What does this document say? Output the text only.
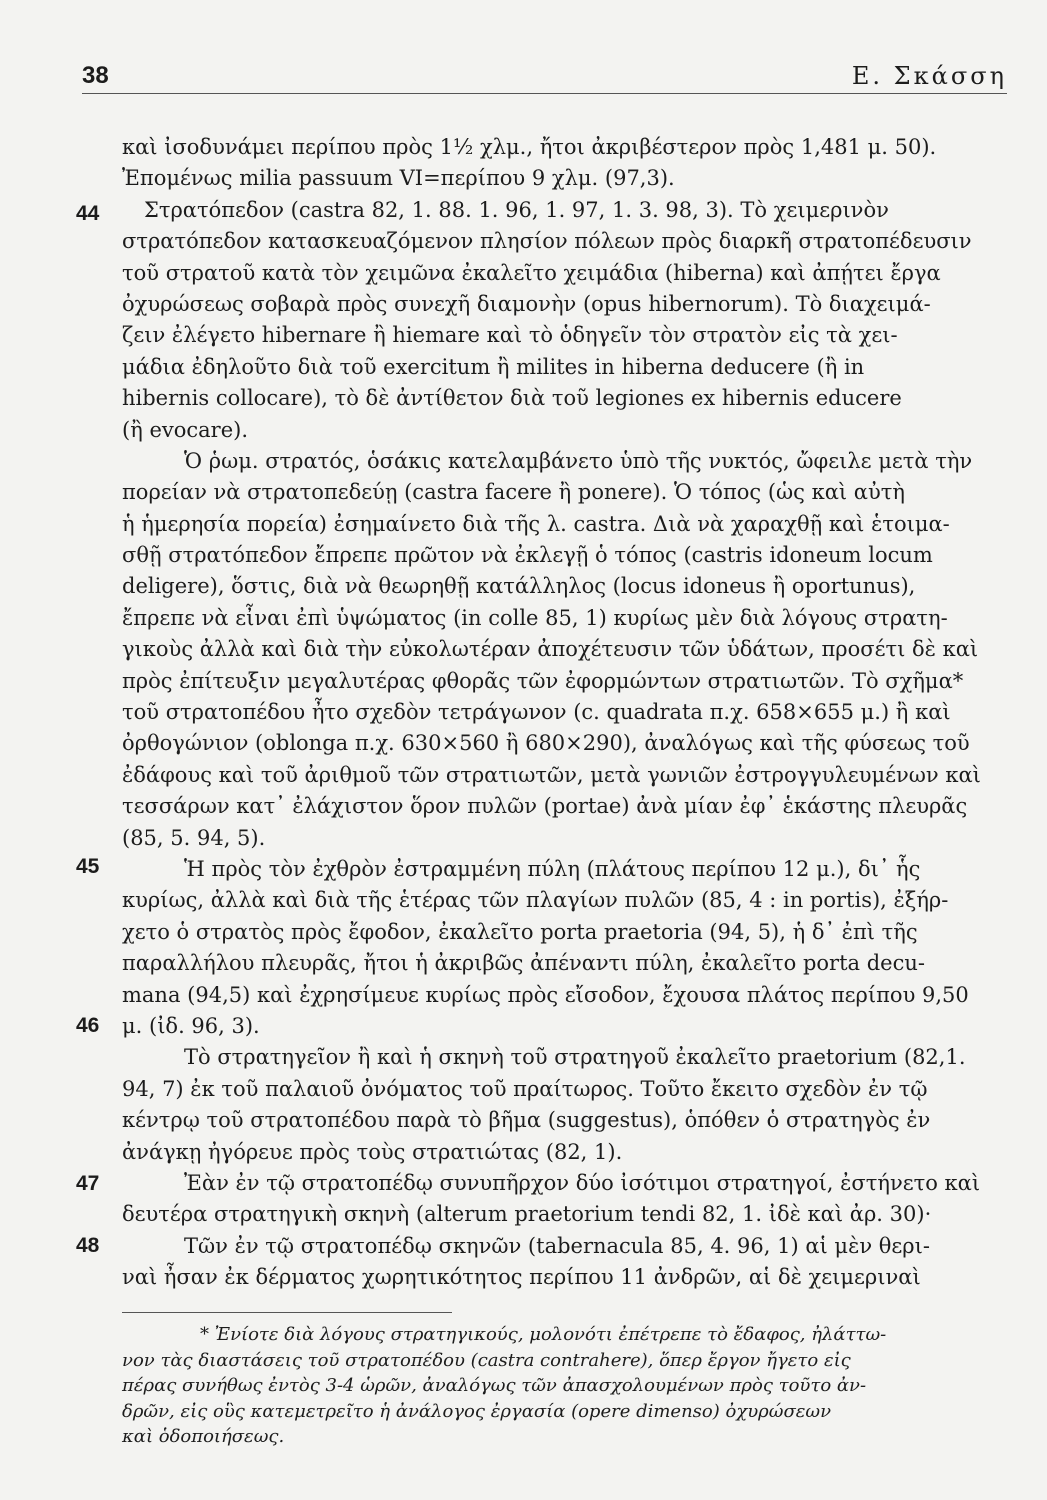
38	Ε. Σκάσση
44
45
46
47
48
καὶ ἰσοδυνάμει περίπου πρὸς 1½ χλμ., ἤτοι ἀκριβέστερον πρὸς 1,481 μ. 50).
Ἐπομένως milia passuum VI=περίπου 9 χλμ. (97,3).
Στρατόπεδον (castra 82, 1. 88. 1. 96, 1. 97, 1. 3. 98, 3). Τὸ χειμερινὸν
στρατόπεδον κατασκευαζόμενον πλησίον πόλεων πρὸς διαρκῆ στρατοπέδευσιν
τοῦ στρατοῦ κατὰ τὸν χειμῶνα ἐκαλεῖτο χειμάδια (hiberna) καὶ ἀπῄτει ἔργα
ὀχυρώσεως σοβαρὰ πρὸς συνεχῆ διαμονὴν (opus hibernorum). Τὸ διαχειμά-
ζειν ἐλέγετο hibernare ἢ hiemare καὶ τὸ ὁδηγεῖν τὸν στρατὸν εἰς τὰ χει-
μάδια ἐδηλοῦτο διὰ τοῦ exercitum ἢ milites in hiberna deducere (ἢ in
hibernis collocare), τὸ δὲ ἀντίθετον διὰ τοῦ legiones ex hibernis educere
(ἢ evocare).
Ὁ ῥωμ. στρατός, ὁσάκις κατελαμβάνετο ὑπὸ τῆς νυκτός, ὤφειλε μετὰ τὴν
πορείαν νὰ στρατοπεδεύῃ (castra facere ἢ ponere). Ὁ τόπος (ὡς καὶ αὐτὴ
ἡ ἡμερησία πορεία) ἐσημαίνετο διὰ τῆς λ. castra. Διὰ νὰ χαραχθῇ καὶ ἑτοιμα-
σθῇ στρατόπεδον ἔπρεπε πρῶτον νὰ ἐκλεγῇ ὁ τόπος (castris idoneum locum
deligere), ὅστις, διὰ νὰ θεωρηθῇ κατάλληλος (locus idoneus ἢ oportunus),
ἔπρεπε νὰ εἶναι ἐπὶ ὑψώματος (in colle 85, 1) κυρίως μὲν διὰ λόγους στρατη-
γικοὺς ἀλλὰ καὶ διὰ τὴν εὐκολωτέραν ἀποχέτευσιν τῶν ὑδάτων, προσέτι δὲ καὶ
πρὸς ἐπίτευξιν μεγαλυτέρας φθορᾶς τῶν ἐφορμώντων στρατιωτῶν. Τὸ σχῆμα*
τοῦ στρατοπέδου ἦτο σχεδὸν τετράγωνον (c. quadrata π.χ. 658×655 μ.) ἢ καὶ
ὀρθογώνιον (oblonga π.χ. 630×560 ἢ 680×290), ἀναλόγως καὶ τῆς φύσεως τοῦ
ἐδάφους καὶ τοῦ ἀριθμοῦ τῶν στρατιωτῶν, μετὰ γωνιῶν ἐστρογγυλευμένων καὶ
τεσσάρων κατ᾽ ἐλάχιστον ὅρον πυλῶν (portae) ἀνὰ μίαν ἐφ᾽ ἑκάστης πλευρᾶς
(85, 5. 94, 5).
Ἡ πρὸς τὸν ἐχθρὸν ἐστραμμένη πύλη (πλάτους περίπου 12 μ.), δι᾽ ἧς
κυρίως, ἀλλὰ καὶ διὰ τῆς ἑτέρας τῶν πλαγίων πυλῶν (85, 4 : in portis), ἐξήρ-
χετο ὁ στρατὸς πρὸς ἔφοδον, ἐκαλεῖτο porta praetoria (94, 5), ἡ δ᾽ ἐπὶ τῆς
παραλλήλου πλευρᾶς, ἤτοι ἡ ἀκριβῶς ἀπέναντι πύλη, ἐκαλεῖτο porta decu-
mana (94,5) καὶ ἐχρησίμευε κυρίως πρὸς εἴσοδον, ἔχουσα πλάτος περίπου 9,50
μ. (ἰδ. 96, 3).
Τὸ στρατηγεῖον ἢ καὶ ἡ σκηνὴ τοῦ στρατηγοῦ ἐκαλεῖτο praetorium (82,1.
94, 7) ἐκ τοῦ παλαιοῦ ὀνόματος τοῦ πραίτωρος. Τοῦτο ἔκειτο σχεδὸν ἐν τῷ
κέντρῳ τοῦ στρατοπέδου παρὰ τὸ βῆμα (suggestus), ὁπόθεν ὁ στρατηγὸς ἐν
ἀνάγκῃ ἠγόρευε πρὸς τοὺς στρατιώτας (82, 1).
Ἐὰν ἐν τῷ στρατοπέδῳ συνυπῆρχον δύο ἰσότιμοι στρατηγοί, ἐστήνετο καὶ
δευτέρα στρατηγικὴ σκηνὴ (alterum praetorium tendi 82, 1. ἰδὲ καὶ ἀρ. 30)·
Τῶν ἐν τῷ στρατοπέδῳ σκηνῶν (tabernacula 85, 4. 96, 1) αἱ μὲν θερι-
ναὶ ἦσαν ἐκ δέρματος χωρητικότητος περίπου 11 ἀνδρῶν, αἱ δὲ χειμεριναὶ
* Ἐνίοτε διὰ λόγους στρατηγικούς, μολονότι ἐπέτρεπε τὸ ἔδαφος, ἠλάττω-
νον τὰς διαστάσεις τοῦ στρατοπέδου (castra contrahere), ὅπερ ἔργον ἤγετο εἰς
πέρας συνήθως ἐντὸς 3-4 ὡρῶν, ἀναλόγως τῶν ἀπασχολουμένων πρὸς τοῦτο ἀν-
δρῶν, εἰς οὓς κατεμετρεῖτο ἡ ἀνάλογος ἐργασία (opere dimenso) ὀχυρώσεων
καὶ ὁδοποιήσεως.
